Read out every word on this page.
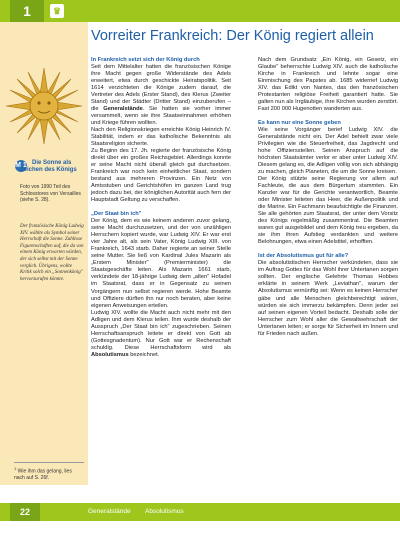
1	♛
M 1 Die Sonne als Zeichen des Königs
Foto von 1990 Teil des Schlosstores von Versailles (siehe S. 28).
Der französische König Ludwig XIV. wählte als Symbol seiner Herrschaft die Sonne. Zahllose Figurenschaften auf, die da von einem König erwarten würden, der sich selbst mit der Sonne verglich. Übrigens, wollte Kritik solch ein „Sonnenkönig" hervorzurufen könnte.
$^1$ Wie ihm das gelang, lies nach auf S. 26f.
Vorreiter Frankreich: Der König regiert allein

In Frankreich setzt sich der König durch
Seit dem Mittelalter hatten die französischen Könige ihre Macht gegen große Widerstände des Adels erweitert, etwa durch geschickte Heiratspolitik. Seit 1614 verzichteten die Könige zudem darauf, die Vertreter des Adels (Erster Stand), des Klerus (Zweiter Stand) und der Städter (Dritter Stand) einzuberufen – die Generalstände. Sie hatten sie vorher immer versammelt, wenn sie ihre Staatseinnahmen erhöhen und Kriege führen wollten.

Nach den Religionskriegen erreichte König Heinrich IV. Stabilität, indem er das katholische Bekenntnis als Staatsreligion sicherte.

Zu Beginn des 17. Jh. regierte der französische König direkt über ein großes Reichsgebiet. Allerdings konnte er seine Macht nicht überall gleich gut durchsetzen. Frankreich war noch kein einheitlicher Staat, sondern bestand aus mehreren Provinzen. Ein Netz von Amtsstuben und Gerichtshöfen im ganzen Land trug jedoch dazu bei, der königlichen Autorität auch fern der Hauptstadt Geltung zu verschaffen.

„Der Staat bin ich"

Der König, dem es wie keinem anderen zuvor gelang, seine Macht durchzusetzen, und der von unzähligen Herrschern kopiert wurde, war Ludwig XIV. Er war erst vier Jahre alt, als sein Vater, König Ludwig XIII. von Frankreich, 1643 starb. Daher regierte an seiner Stelle seine Mutter. Sie ließ von Kardinal Jules Mazarin als „Erstem Minister" (Premierminister) die Staatsgeschäfte leiten. Als Mazarin 1661 starb, verkündete der 18-jährige Ludwig dem „alten" Hofadel im Staatsrat, dass er in Gegensatz zu seinen Vorgängern nun selbst regieren werde. Hohe Beamte und Offiziere dürften ihn nur noch beraten, aber keine eigenen Anweisungen erteilen.

Ludwig XIV. wollte die Macht auch nicht mehr mit den Adligen und dem Klerus teilen. Ihm wurde deshalb der Ausspruch „Der Staat bin ich" zugeschrieben. Seinen Herrschaftsanspruch leitete er direkt von Gott ab (Gottesgnadentum). Nur Gott war er Rechenschaft schuldig. Diese Herrschaftsform wird als Absolutismus bezeichnet.

Nach dem Grundsatz „Ein König, ein Gesetz, ein Glaube" beherrschte Ludwig XIV. auch die katholische Kirche in Frankreich und lehnte sogar eine Einmischung des Papstes ab. 1685 widerrief Ludwig XIV. das Edikt von Nantes, das den französischen Protestanten religiöse Freiheit garantiert hatte. Sie galten nun als Irrgläubige, ihre Kirchen wurden zerstört. Fast 200 000 Hugenotten wanderten aus.

Es kann nur eine Sonne geben

Wie seine Vorgänger berief Ludwig XIV. die Generalstände nicht ein. Der Adel behielt zwar viele Privilegien wie die Steuerfreiheit, das Jagdrecht und hohe Offiziersstellen. Seinen Anspruch auf die höchsten Staatsämter verlor er aber unter Ludwig XIV. Diesem gelang es, die Adligen völlig von sich abhängig zu machen, gleich Planeten, die um die Sonne kreisen.

Der König stützte seine Regierung vor allem auf Fachleute, die aus dem Bürgertum stammten. Ein Kanzler war für die Gerichte verantwortlich, Beamte oder Minister leiteten das Heer, die Außenpolitik und die Marine. Ein Fachmann beaufsichtigte die Finanzen. Sie alle gehörten zum Staatsrat, der unter dem Vorsitz des Königs regelmäßig zusammentrat. Die Beamten waren gut ausgebildet und dem König treu ergeben, da sie ihm ihren Aufstieg verdankten und weitere Belohnungen, etwa einen Adelstitel, erhofften.

Ist der Absolutismus gut für alle?

Die absolutistischen Herrscher verkündeten, dass sie im Auftrag Gottes für das Wohl ihrer Untertanen sorgen sollten. Der englische Gelehrte Thomas Hobbes erklärte in seinem Werk „Leviathan", warum der Absolutismus vernünftig sei: Wenn es keinen Herrscher gäbe und alle Menschen gleichberechtigt wären, würden sie sich immerzu bekämpfen. Denn jeder sei auf seinen eigenen Vorteil bedacht. Deshalb solle der Herrscher zum Wohl aller die Gewaltwehrschaft der Untertanen leiten; er sorge für Sicherheit im Innern und für Frieden nach außen.

22	Generalstände Absolutismus
